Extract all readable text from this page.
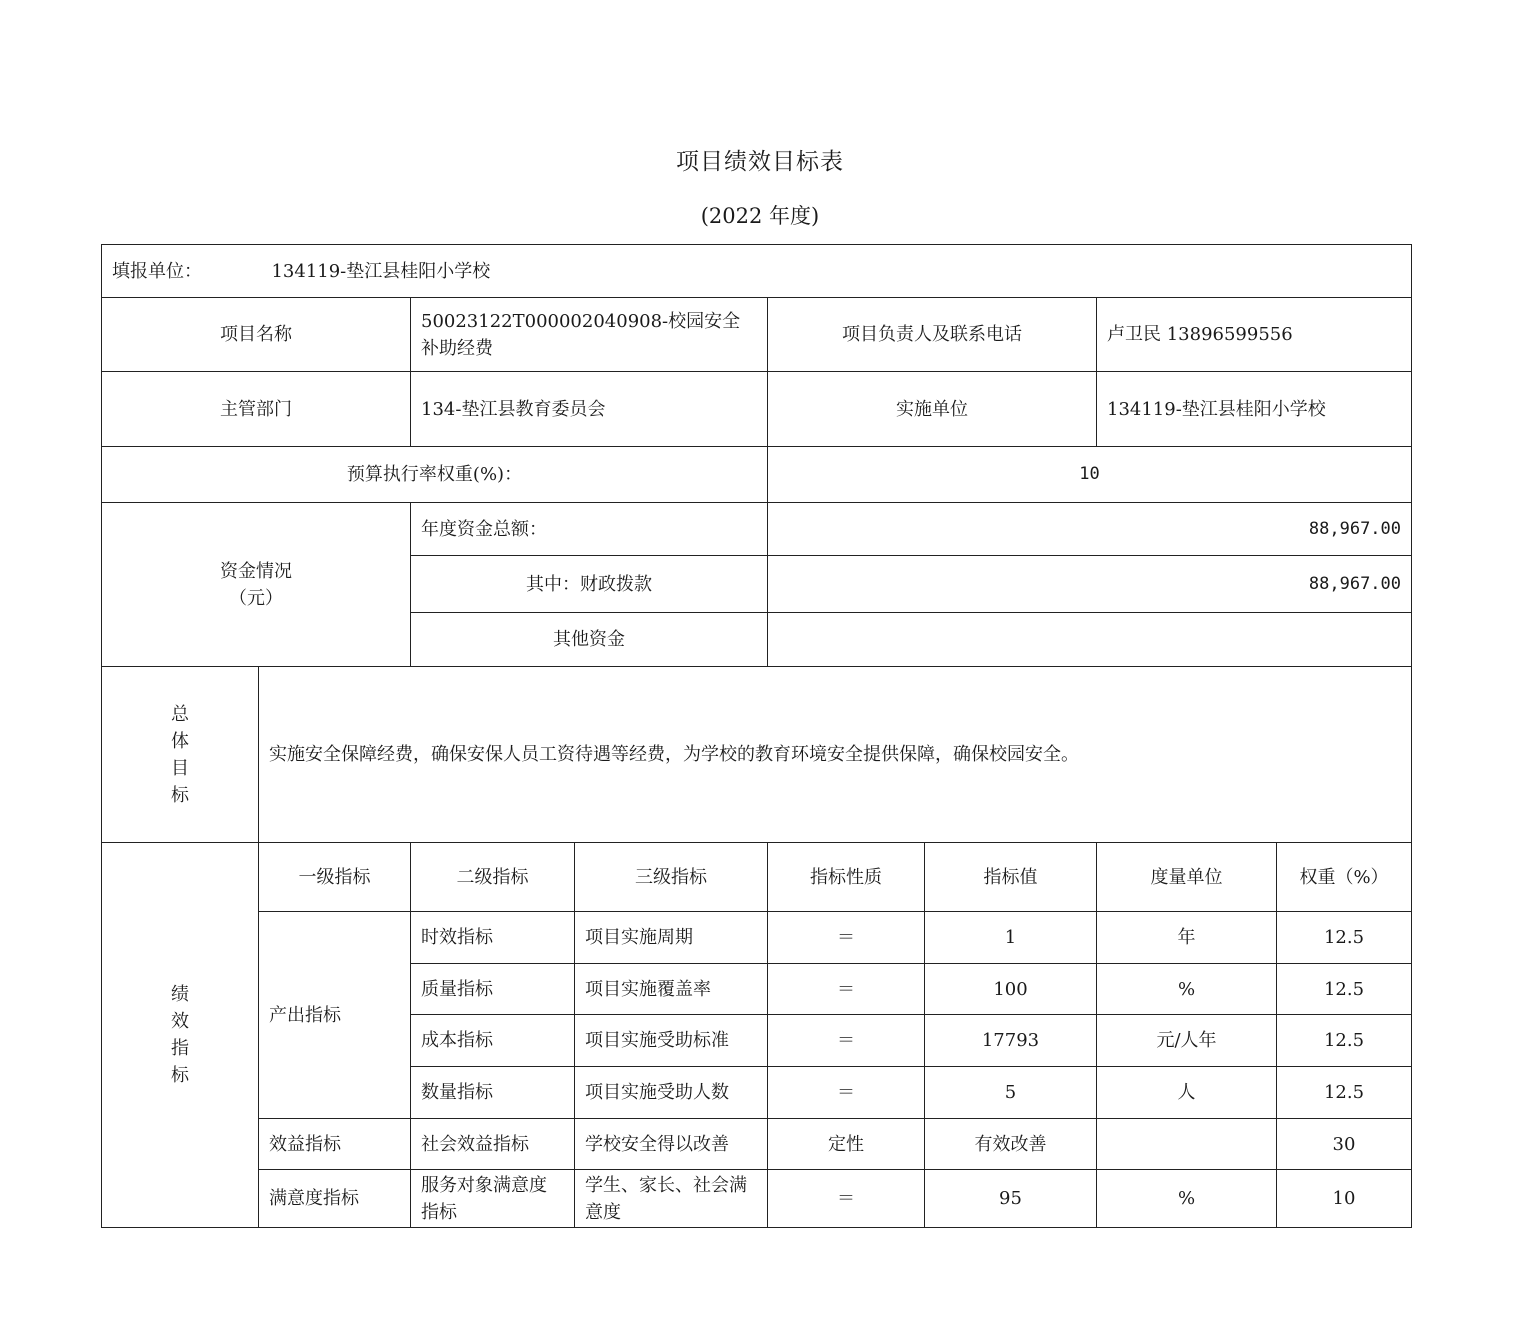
项目绩效目标表
(2022 年度)
填报单位： 134119-垫江县桂阳小学校							
项目名称		50023122T000002040908-校园安全补助经费		项目负责人及联系电话		卢卫民 13896599556	
主管部门		134-垫江县教育委员会		实施单位		134119-垫江县桂阳小学校	
预算执行率权重(%)：				10			

资金情况
（元）		年度资金总额：		88,967.00			
		其中：财政拨款		88,967.00			
		其他资金					

总
体
目
标	实施安全保障经费，确保安保人员工资待遇等经费，为学校的教育环境安全提供保障，确保校园安全。						

绩
效
指
标	一级指标	二级指标	三级指标	指标性质	指标值	度量单位	权重（%）
	产出指标	时效指标	项目实施周期	＝	1	年	12.5
		质量指标	项目实施覆盖率	＝	100	%	12.5
		成本指标	项目实施受助标准	＝	17793	元/人年	12.5
		数量指标	项目实施受助人数	＝	5	人	12.5
	效益指标	社会效益指标	学校安全得以改善	定性	有效改善		30
	满意度指标	服务对象满意度指标	学生、家长、社会满意度	＝	95	%	10
